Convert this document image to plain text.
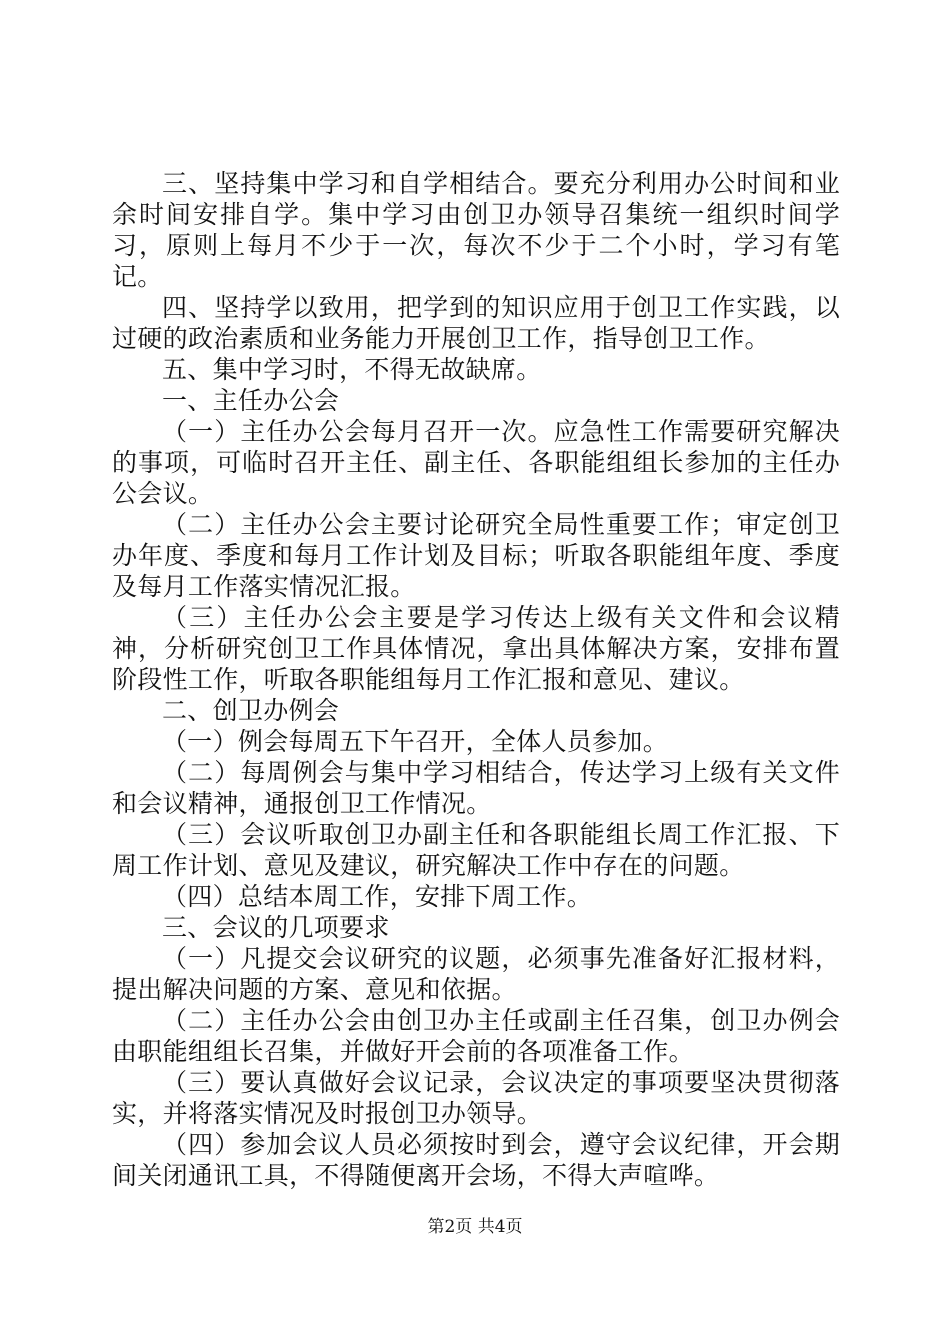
三、坚持集中学习和自学相结合。要充分利用办公时间和业余时间安排自学。集中学习由创卫办领导召集统一组织时间学习，原则上每月不少于一次，每次不少于二个小时，学习有笔记。

四、坚持学以致用，把学到的知识应用于创卫工作实践，以过硬的政治素质和业务能力开展创卫工作，指导创卫工作。

五、集中学习时，不得无故缺席。

一、主任办公会

（一）主任办公会每月召开一次。应急性工作需要研究解决的事项，可临时召开主任、副主任、各职能组组长参加的主任办公会议。

（二）主任办公会主要讨论研究全局性重要工作；审定创卫办年度、季度和每月工作计划及目标；听取各职能组年度、季度及每月工作落实情况汇报。

（三）主任办公会主要是学习传达上级有关文件和会议精神，分析研究创卫工作具体情况，拿出具体解决方案，安排布置阶段性工作，听取各职能组每月工作汇报和意见、建议。

二、创卫办例会

（一）例会每周五下午召开，全体人员参加。

（二）每周例会与集中学习相结合，传达学习上级有关文件和会议精神，通报创卫工作情况。

（三）会议听取创卫办副主任和各职能组长周工作汇报、下周工作计划、意见及建议，研究解决工作中存在的问题。

（四）总结本周工作，安排下周工作。

三、会议的几项要求

（一）凡提交会议研究的议题，必须事先准备好汇报材料，提出解决问题的方案、意见和依据。

（二）主任办公会由创卫办主任或副主任召集，创卫办例会由职能组组长召集，并做好开会前的各项准备工作。

（三）要认真做好会议记录，会议决定的事项要坚决贯彻落实，并将落实情况及时报创卫办领导。

（四）参加会议人员必须按时到会，遵守会议纪律，开会期间关闭通讯工具，不得随便离开会场，不得大声喧哗。

第2页 共4页
